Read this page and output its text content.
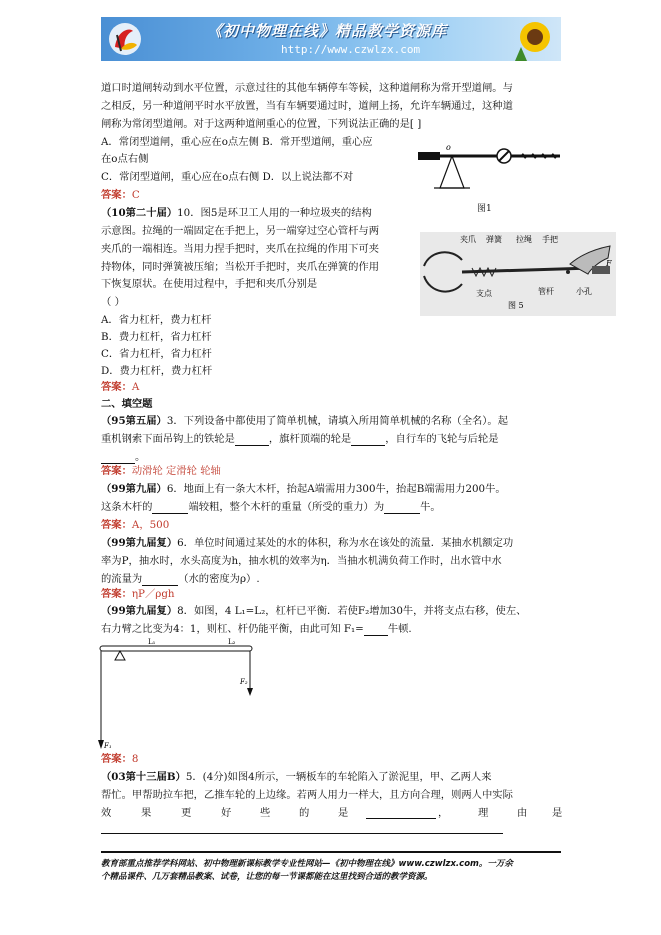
《初中物理在线》精品教学资源库
http://www.czwlzx.com
道口时道闸转动到水平位置，示意过往的其他车辆停车等候，这种道闸称为常开型道闸。与
之相反，另一种道闸平时水平放置，当有车辆要通过时，道闸上扬，允许车辆通过，这种道
闸称为常闭型道闸。对于这两种道闸重心的位置，下列说法正确的是[ ]
A．常闭型道闸，重心应在o点左侧 B．常开型道闸，重心应
在o点右侧
C．常闭型道闸，重心应在o点右侧 D．以上说法都不对
答案：C
o
图1
（10第二十届）10．图5是环卫工人用的一种垃圾夹的结构
示意图。拉绳的一端固定在手把上，另一端穿过空心管杆与两
夹爪的一端相连。当用力捏手把时，夹爪在拉绳的作用下可夹
持物体，同时弹簧被压缩；当松开手把时，夹爪在弹簧的作用
下恢复原状。在使用过程中，手把和夹爪分别是
（ ）
A．省力杠杆，费力杠杆
B．费力杠杆，省力杠杆
C．省力杠杆，省力杠杆
D．费力杠杆，费力杠杆
答案：A
夹爪 弹簧 拉绳 手把
F
支点	管杆	小孔
图 5
二、填空题
（95第五届）3．下列设备中都使用了简单机械，请填入所用简单机械的名称（全名）。起
重机钢索下面吊钩上的铁轮是	，旗杆顶端的轮是	，自行车的飞轮与后轮是
。
答案：动滑轮 定滑轮 轮轴
（99第九届）6．地面上有一条大木杆，抬起A端需用力300牛，抬起B端需用力200牛。
这条木杆的	端较粗，整个木杆的重量（所受的重力）为	牛。
答案：A，500
（99第九届复）6．单位时间通过某处的水的体积，称为水在该处的流量．某抽水机额定功
率为P，抽水时，水头高度为h，抽水机的效率为η．当抽水机满负荷工作时，出水管中水
的流量为	（水的密度为ρ）.
答案：ηP／ρgh
（99第九届复）8．如图，4 L₁=L₂，杠杆已平衡．若使F₂增加30牛，并将支点右移，使左、
右力臂之比变为4：1，则杠、杆仍能平衡，由此可知 F₁= 牛顿.
L₁	L₂
F₂
F₁
答案：8
（03第十三届B）5．(4分)如图4所示，一辆板车的车轮陷入了淤泥里，甲、乙两人来
帮忙。甲帮助拉车把，乙推车轮的上边缘。若两人用力一样大，且方向合理，则两人中实际
效	果	更	好	些	的	是	，	理	由 是
教育部重点推荐学科网站、初中物理新课标教学专业性网站—《初中物理在线》www.czwlzx.com。一万余
个精品课件、几万套精品教案、试卷，让您的每一节课都能在这里找到合适的教学资源。
